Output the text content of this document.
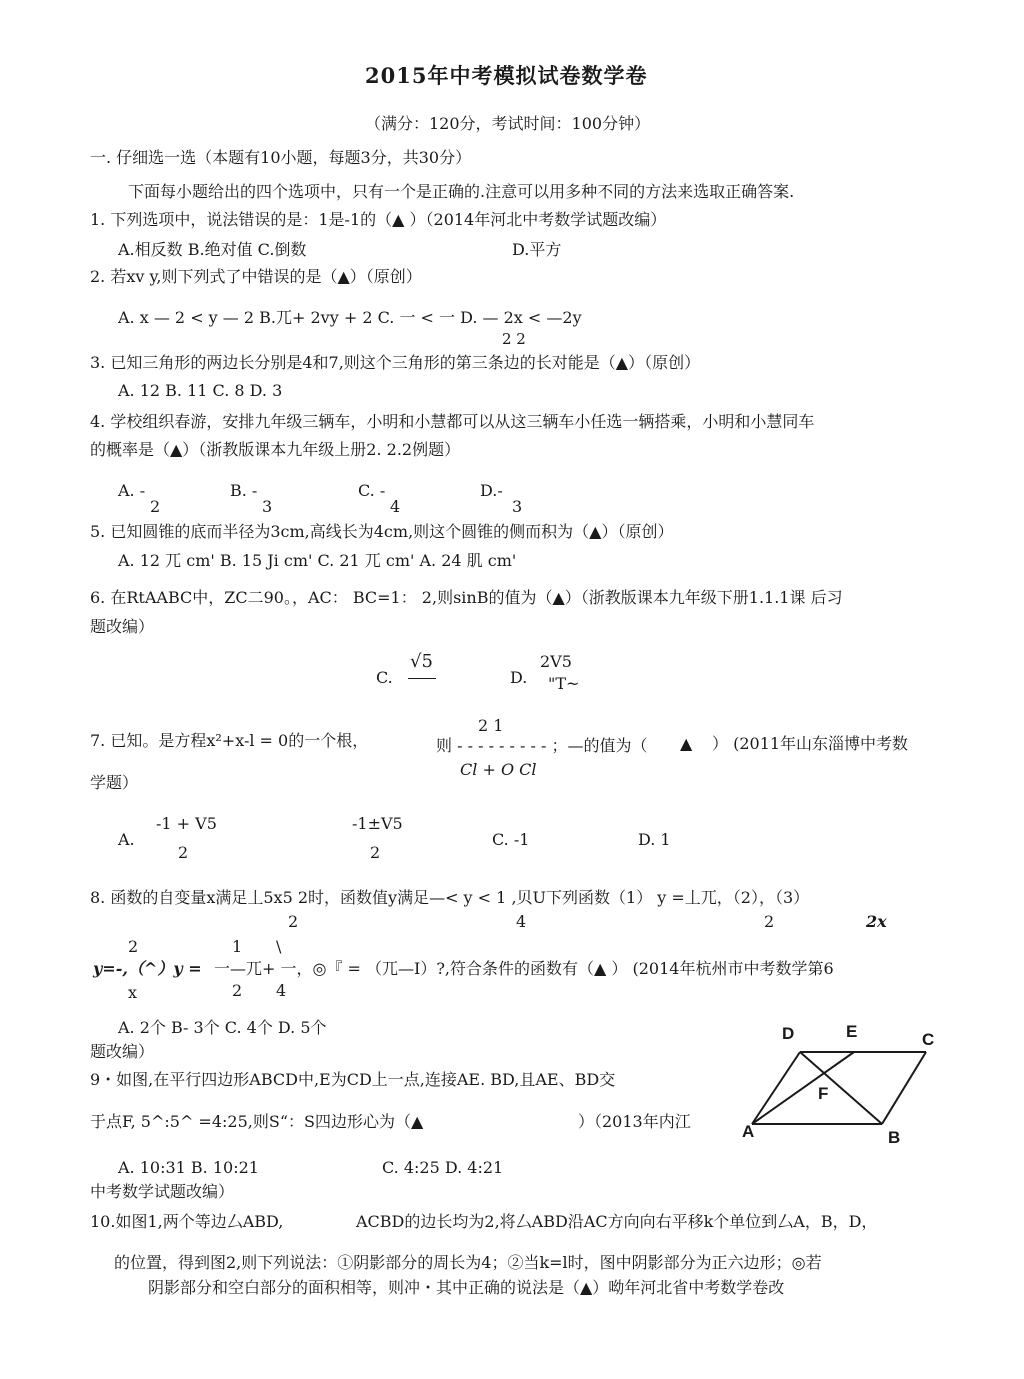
2015年中考模拟试卷数学卷
（满分：120分，考试时间：100分钟）
一. 仔细选一选（本题有10小题，每题3分，共30分）
下面每小题给出的四个选项中，只有一个是正确的.注意可以用多种不同的方法来选取正确答案.
1. 下列选项中，说法错误的是：1是-1的（▲ ）（2014年河北中考数学试题改编）
A.相反数 B.绝对值 C.倒数	D.平方
2. 若xv y,则下列式了中错误的是（▲）（原创）
A. x — 2 < y — 2 B.兀+ 2vy + 2 C. 一 < 一 D. — 2x < —2y
2 2
3. 已知三角形的两边长分别是4和7,则这个三角形的第三条边的长对能是（▲）（原创）
A. 12 B. 11 C. 8 D. 3
4. 学校组织春游，安排九年级三辆车，小明和小慧都可以从这三辆车小任选一辆搭乘，小明和小慧同车
的概率是（▲）（浙教版课本九年级上册2. 2.2例题）
A. -
2
B. -
3
C. -
4
D.-
3
5. 已知圆锥的底而半径为3cm,高线长为4cm,则这个圆锥的侧而积为（▲）（原创）
A. 12 兀 cm' B. 15 Ji cm' C. 21 兀 cm' A. 24 肌 cm'
6. 在RtAABC中，ZC二90。，AC： BC=1： 2,则sinB的值为（▲）（浙教版课本九年级下册1.1.1课 后习
题改编）
C.
√5
D.
2V5
"T~
7. 已知。是方程x²+x-l = 0的一个根，
2 1
则 - - - - - - - - - ；—的值为（ ▲ ） (2011年山东淄博中考数
Cl + O Cl
学题）
A.
-1 + V5
2
-1±V5
2
C. -1	D. 1
8. 函数的自变量x满足丄5x5 2时，函数值y满足—< y < 1 ,贝U下列函数（1） y =丄兀，（2），（3）
2	4	2	2x
2	1 \
y=-,（^）y = 一—兀+ 一，◎『 = （兀—I）?,符合条件的函数有（▲ ） (2014年杭州市中考数学第6
x	2 4
A. 2个 B- 3个 C. 4个 D. 5个
题改编）
9・如图,在平行四边形ABCD中,E为CD上一点,连接AE. BD,且AE、BD交
于点F, 5^:5^ =4:25,则S“：S四边形心为（▲	）（2013年内江
A. 10:31 B. 10:21	C. 4:25 D. 4:21
中考数学试题改编）
D	E	C
F
A	B
10.如图1,两个等边厶ABD,	ACBD的边长均为2,将厶ABD沿AC方向向右平移k个单位到厶A，B，D，
的位置，得到图2,则下列说法：①阴影部分的周长为4；②当k=l时，图中阴影部分为正六边形；◎若
阴影部分和空白部分的面积相等，则冲・其中正确的说法是（▲）呦年河北省中考数学卷改
